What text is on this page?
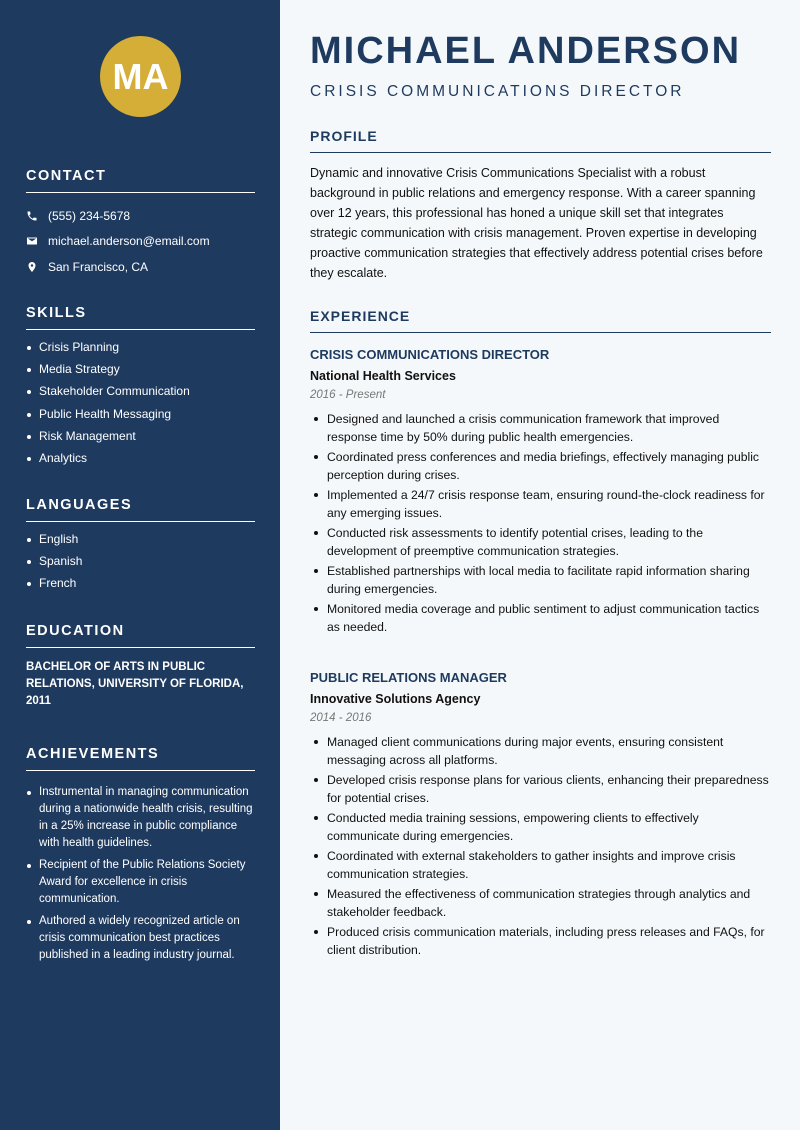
MA
CONTACT
(555) 234-5678
michael.anderson@email.com
San Francisco, CA
SKILLS
Crisis Planning
Media Strategy
Stakeholder Communication
Public Health Messaging
Risk Management
Analytics
LANGUAGES
English
Spanish
French
EDUCATION
BACHELOR OF ARTS IN PUBLIC RELATIONS, UNIVERSITY OF FLORIDA, 2011
ACHIEVEMENTS
Instrumental in managing communication during a nationwide health crisis, resulting in a 25% increase in public compliance with health guidelines.
Recipient of the Public Relations Society Award for excellence in crisis communication.
Authored a widely recognized article on crisis communication best practices published in a leading industry journal.
MICHAEL ANDERSON
CRISIS COMMUNICATIONS DIRECTOR
PROFILE

Dynamic and innovative Crisis Communications Specialist with a robust background in public relations and emergency response. With a career spanning over 12 years, this professional has honed a unique skill set that integrates strategic communication with crisis management. Proven expertise in developing proactive communication strategies that effectively address potential crises before they escalate.

EXPERIENCE
CRISIS COMMUNICATIONS DIRECTOR
National Health Services
2016 - Present
Designed and launched a crisis communication framework that improved response time by 50% during public health emergencies.
Coordinated press conferences and media briefings, effectively managing public perception during crises.
Implemented a 24/7 crisis response team, ensuring round-the-clock readiness for any emerging issues.
Conducted risk assessments to identify potential crises, leading to the development of preemptive communication strategies.
Established partnerships with local media to facilitate rapid information sharing during emergencies.
Monitored media coverage and public sentiment to adjust communication tactics as needed.
PUBLIC RELATIONS MANAGER
Innovative Solutions Agency
2014 - 2016
Managed client communications during major events, ensuring consistent messaging across all platforms.
Developed crisis response plans for various clients, enhancing their preparedness for potential crises.
Conducted media training sessions, empowering clients to effectively communicate during emergencies.
Coordinated with external stakeholders to gather insights and improve crisis communication strategies.
Measured the effectiveness of communication strategies through analytics and stakeholder feedback.
Produced crisis communication materials, including press releases and FAQs, for client distribution.
